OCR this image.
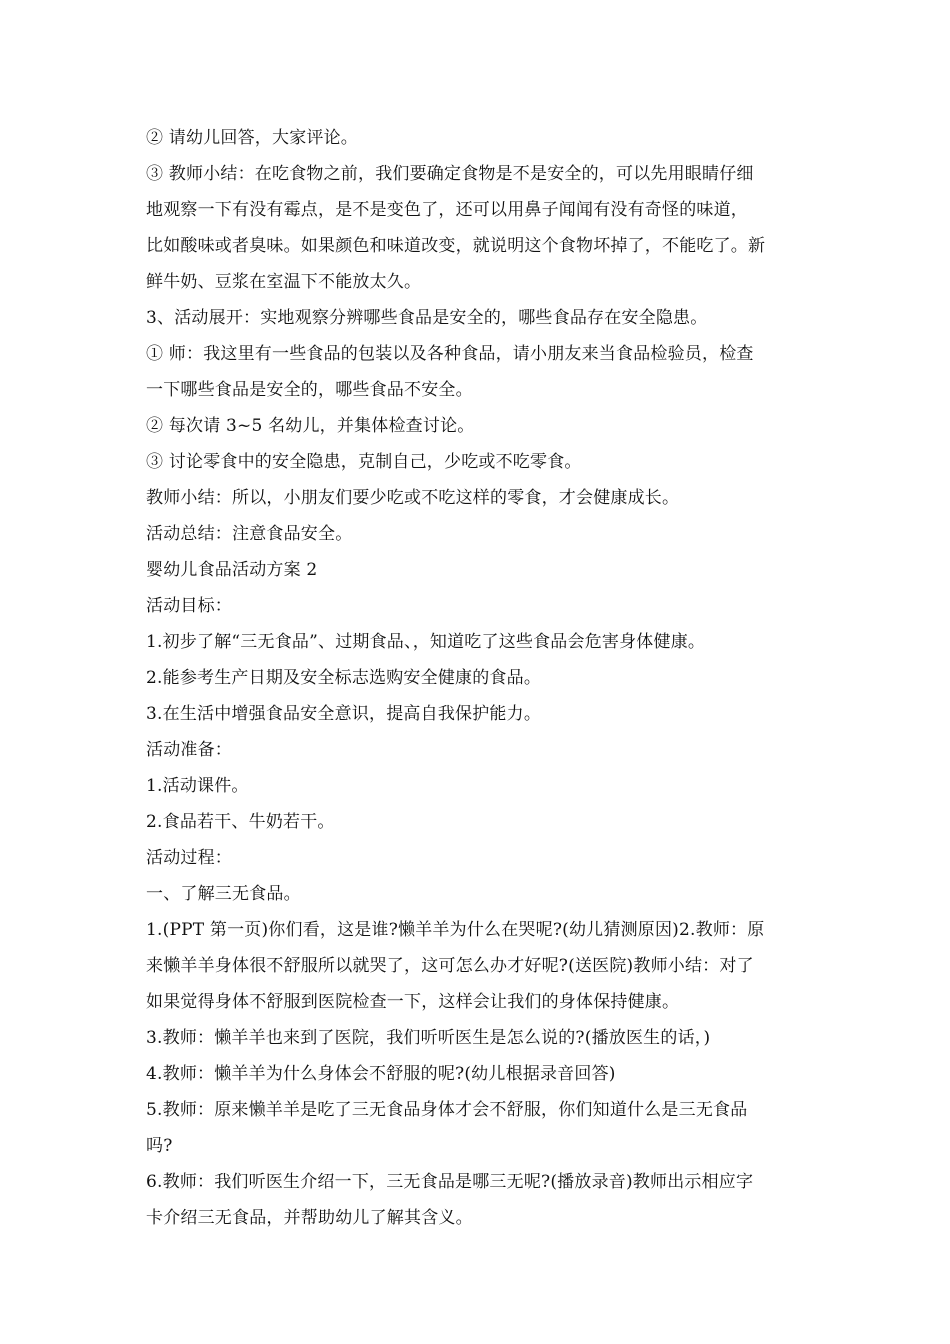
② 请幼儿回答，大家评论。
③ 教师小结：在吃食物之前，我们要确定食物是不是安全的，可以先用眼睛仔细
地观察一下有没有霉点，是不是变色了，还可以用鼻子闻闻有没有奇怪的味道，
比如酸味或者臭味。如果颜色和味道改变，就说明这个食物坏掉了，不能吃了。新
鲜牛奶、豆浆在室温下不能放太久。
3、活动展开：实地观察分辨哪些食品是安全的，哪些食品存在安全隐患。
① 师：我这里有一些食品的包装以及各种食品，请小朋友来当食品检验员，检查
一下哪些食品是安全的，哪些食品不安全。
② 每次请 3~5 名幼儿，并集体检查讨论。
③ 讨论零食中的安全隐患，克制自己，少吃或不吃零食。
教师小结：所以，小朋友们要少吃或不吃这样的零食，才会健康成长。
活动总结：注意食品安全。
婴幼儿食品活动方案 2
活动目标：
1.初步了解“三无食品”、过期食品、，知道吃了这些食品会危害身体健康。
2.能参考生产日期及安全标志选购安全健康的食品。
3.在生活中增强食品安全意识，提高自我保护能力。
活动准备：
1.活动课件。
2.食品若干、牛奶若干。
活动过程：
一、了解三无食品。
1.(PPT 第一页)你们看，这是谁?懒羊羊为什么在哭呢?(幼儿猜测原因)2.教师：原
来懒羊羊身体很不舒服所以就哭了，这可怎么办才好呢?(送医院)教师小结：对了
如果觉得身体不舒服到医院检查一下，这样会让我们的身体保持健康。
3.教师：懒羊羊也来到了医院，我们听听医生是怎么说的?(播放医生的话，)
4.教师：懒羊羊为什么身体会不舒服的呢?(幼儿根据录音回答)
5.教师：原来懒羊羊是吃了三无食品身体才会不舒服，你们知道什么是三无食品
吗?
6.教师：我们听医生介绍一下，三无食品是哪三无呢?(播放录音)教师出示相应字
卡介绍三无食品，并帮助幼儿了解其含义。
